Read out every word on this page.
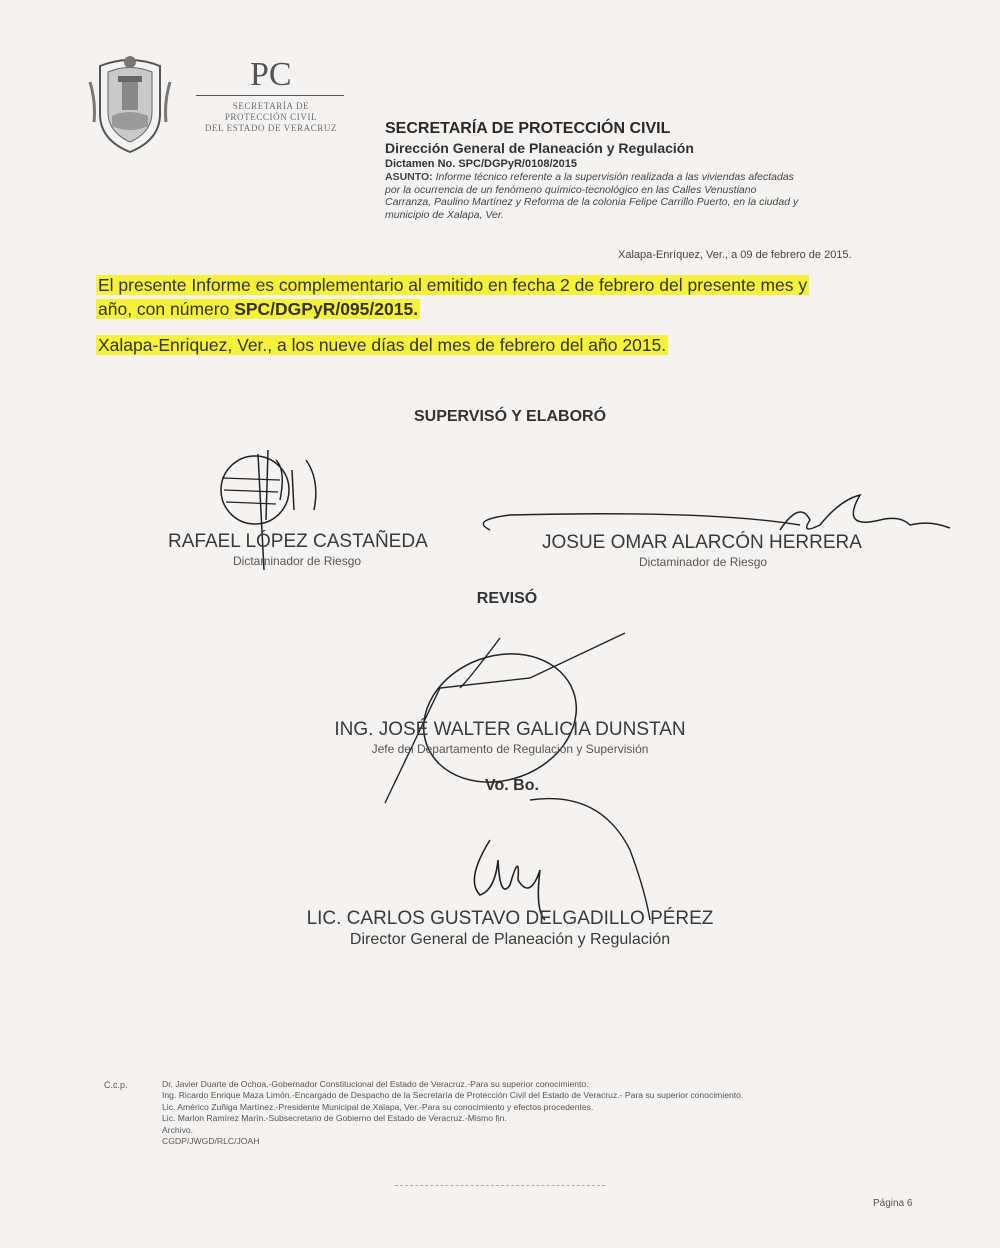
PC
SECRETARÍA DE
PROTECCIÓN CIVIL
DEL ESTADO DE VERACRUZ	SECRETARÍA DE PROTECCIÓN CIVIL
Dirección General de Planeación y Regulación
Dictamen No. SPC/DGPyR/0108/2015
ASUNTO: Informe técnico referente a la supervisión realizada a las viviendas afectadas
por la ocurrencia de un fenómeno químico-tecnológico en las Calles Venustiano
Carranza, Paulino Martínez y Reforma de la colonia Felipe Carrillo Puerto, en la ciudad y
municipio de Xalapa, Ver.
Xalapa-Enríquez, Ver., a 09 de febrero de 2015.
El presente Informe es complementario al emitido en fecha 2 de febrero del presente mes y
año, con número SPC/DGPyR/095/2015.
Xalapa-Enriquez, Ver., a los nueve días del mes de febrero del año 2015.
SUPERVISÓ Y ELABORÓ
RAFAEL LÓPEZ CASTAÑEDA
Dictaminador de Riesgo
JOSUE OMAR ALARCÓN HERRERA
Dictaminador de Riesgo
REVISÓ
ING. JOSÉ WALTER GALICIA DUNSTAN
Jefe del Departamento de Regulación y Supervisión
Vo. Bo.
LIC. CARLOS GUSTAVO DELGADILLO PÉREZ
Director General de Planeación y Regulación
C.c.p.	Dr. Javier Duarte de Ochoa.-Gobernador Constitucional del Estado de Veracruz.-Para su superior conocimiento.
Ing. Ricardo Enrique Maza Limón.-Encargado de Despacho de la Secretaría de Protección Civil del Estado de Veracruz.- Para su superior conocimiento.
Lic. Américo Zuñiga Martínez.-Presidente Municipal de Xalapa, Ver.-Para su conocimiento y efectos procedentes.
Lic. Marlon Ramírez Marín.-Subsecretario de Gobierno del Estado de Veracruz.-Mismo fin.
Archivo.
CGDP/JWGD/RLC/JOAH
Página 6
